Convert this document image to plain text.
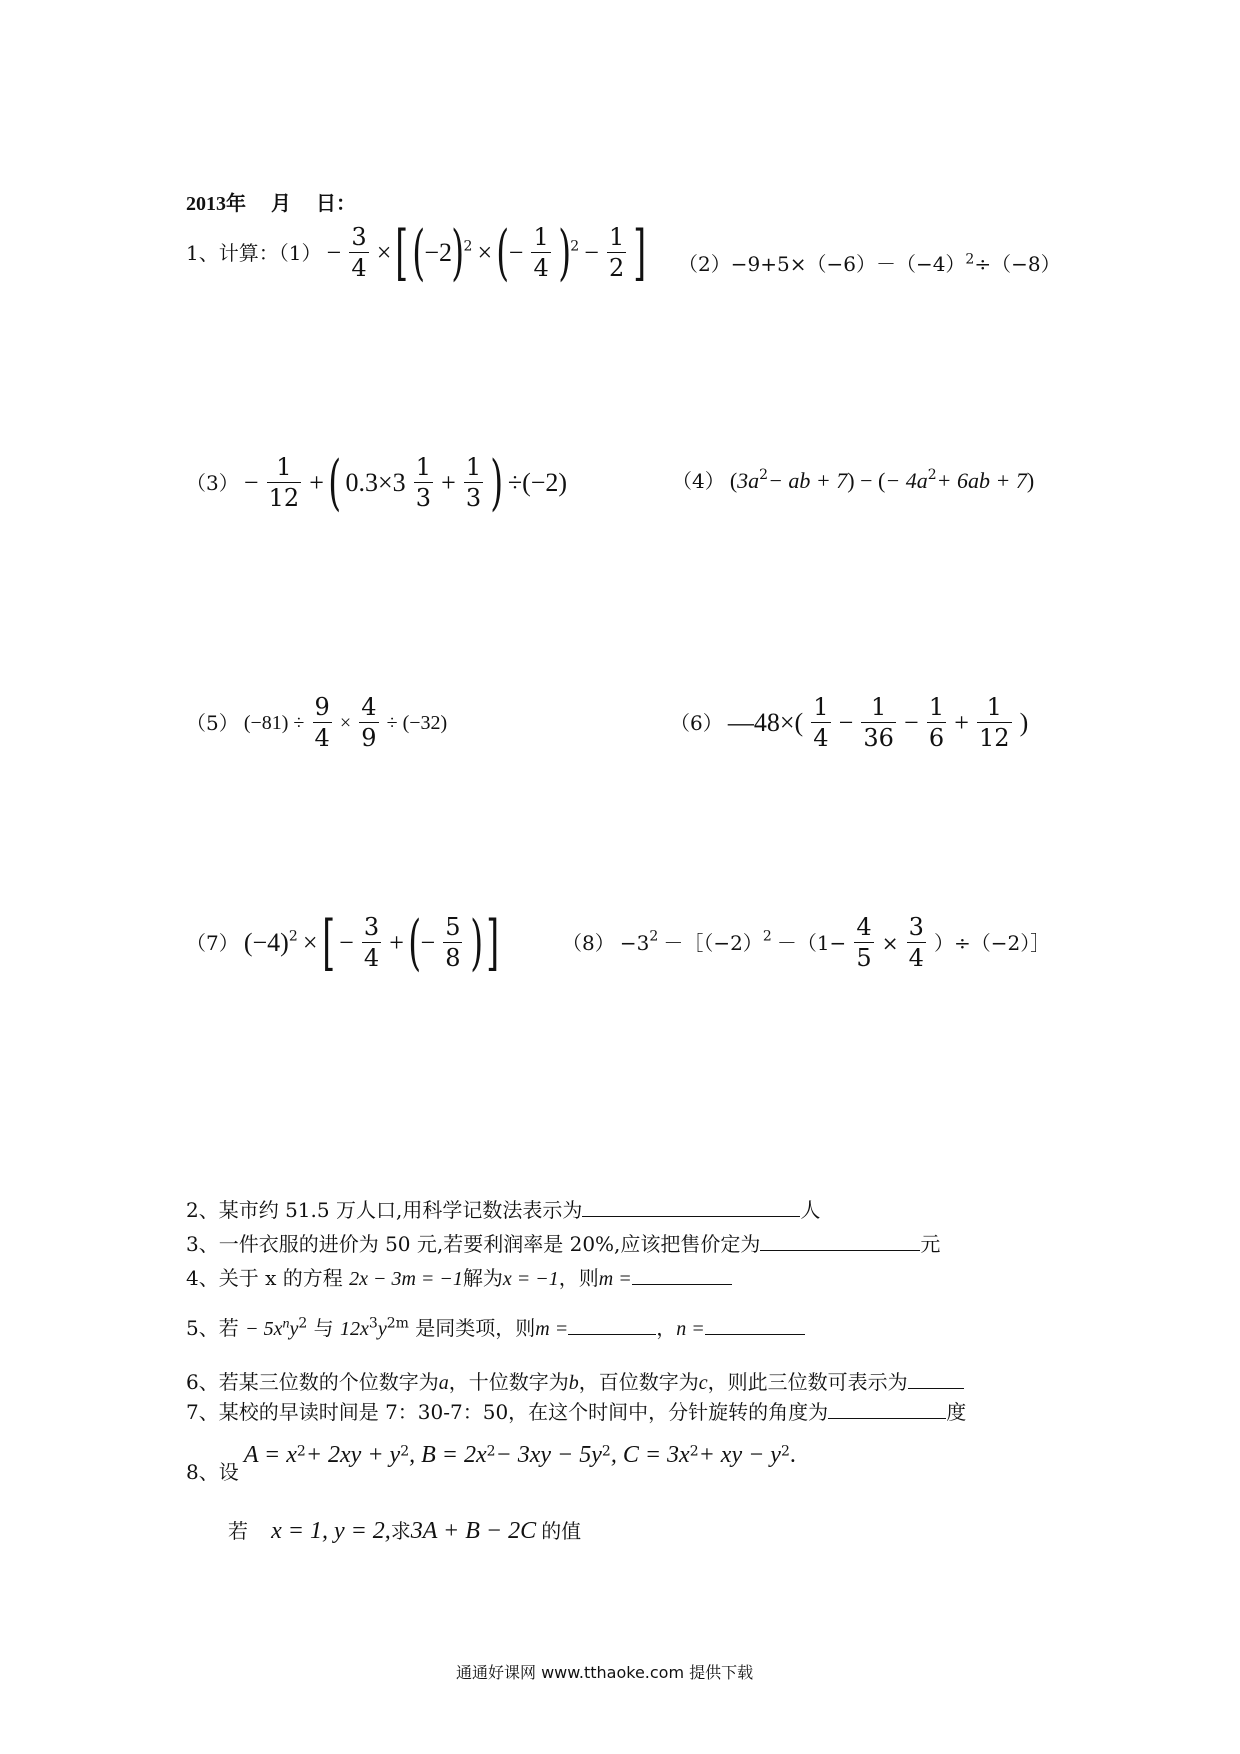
2013年　 月　 日：
1、计算：$(1) - \frac{3}{4}$ × [ (−2)2 × (− $\frac{1}{4} )2 - \frac{1}{2}$ ] $(2)-9+5\times(-6)-(-4)^2\div(-8)$
$(3) - \frac{1}{12}$ + ( $0.3\times 3 \frac{1}{3} + \frac{1}{3}$ ) ÷(−2)	（4） (3a2− ab + 7) − (− 4a2+ 6ab + 7)
（5） $(-81) \div \frac{9}{4} \times \frac{4}{9} \div (-32)$	（6） —48×( $\frac{1}{4} - \frac{1}{36} - \frac{1}{6} + \frac{1}{12}$ )
（7） (−4)2 × [ − $\frac{3}{4}$ + (− $\frac{5}{8}$ ) ]	（8） −32 －［（−2）2 $-(1- \frac{4}{5} \times \frac{3}{4}$ ）÷（−2）］
2、某市约 51.5 万人口,用科学记数法表示为	人
3、一件衣服的进价为 50 元,若要利润率是 20%,应该把售价定为	元
4、关于 x 的方程 2x − 3m = −1解为x = −1，则m =
5、若 − $5x^ny^2$ 与 $12x^3y^{2m}$ 是同类项，则m =	，n =
6、若某三位数的个位数字为a，十位数字为b，百位数字为c，则此三位数可表示为
7、某校的早读时间是 7：30-7：50，在这个时间中，分针旋转的角度为	度
8、设 A = x2+ 2xy + y2, B = 2x2− 3xy − 5y2, C = 3x2+ xy − y2.
若 x = 1, y = 2,求3A + B − 2C 的值
通通好课网 www.tthaoke.com 提供下载
